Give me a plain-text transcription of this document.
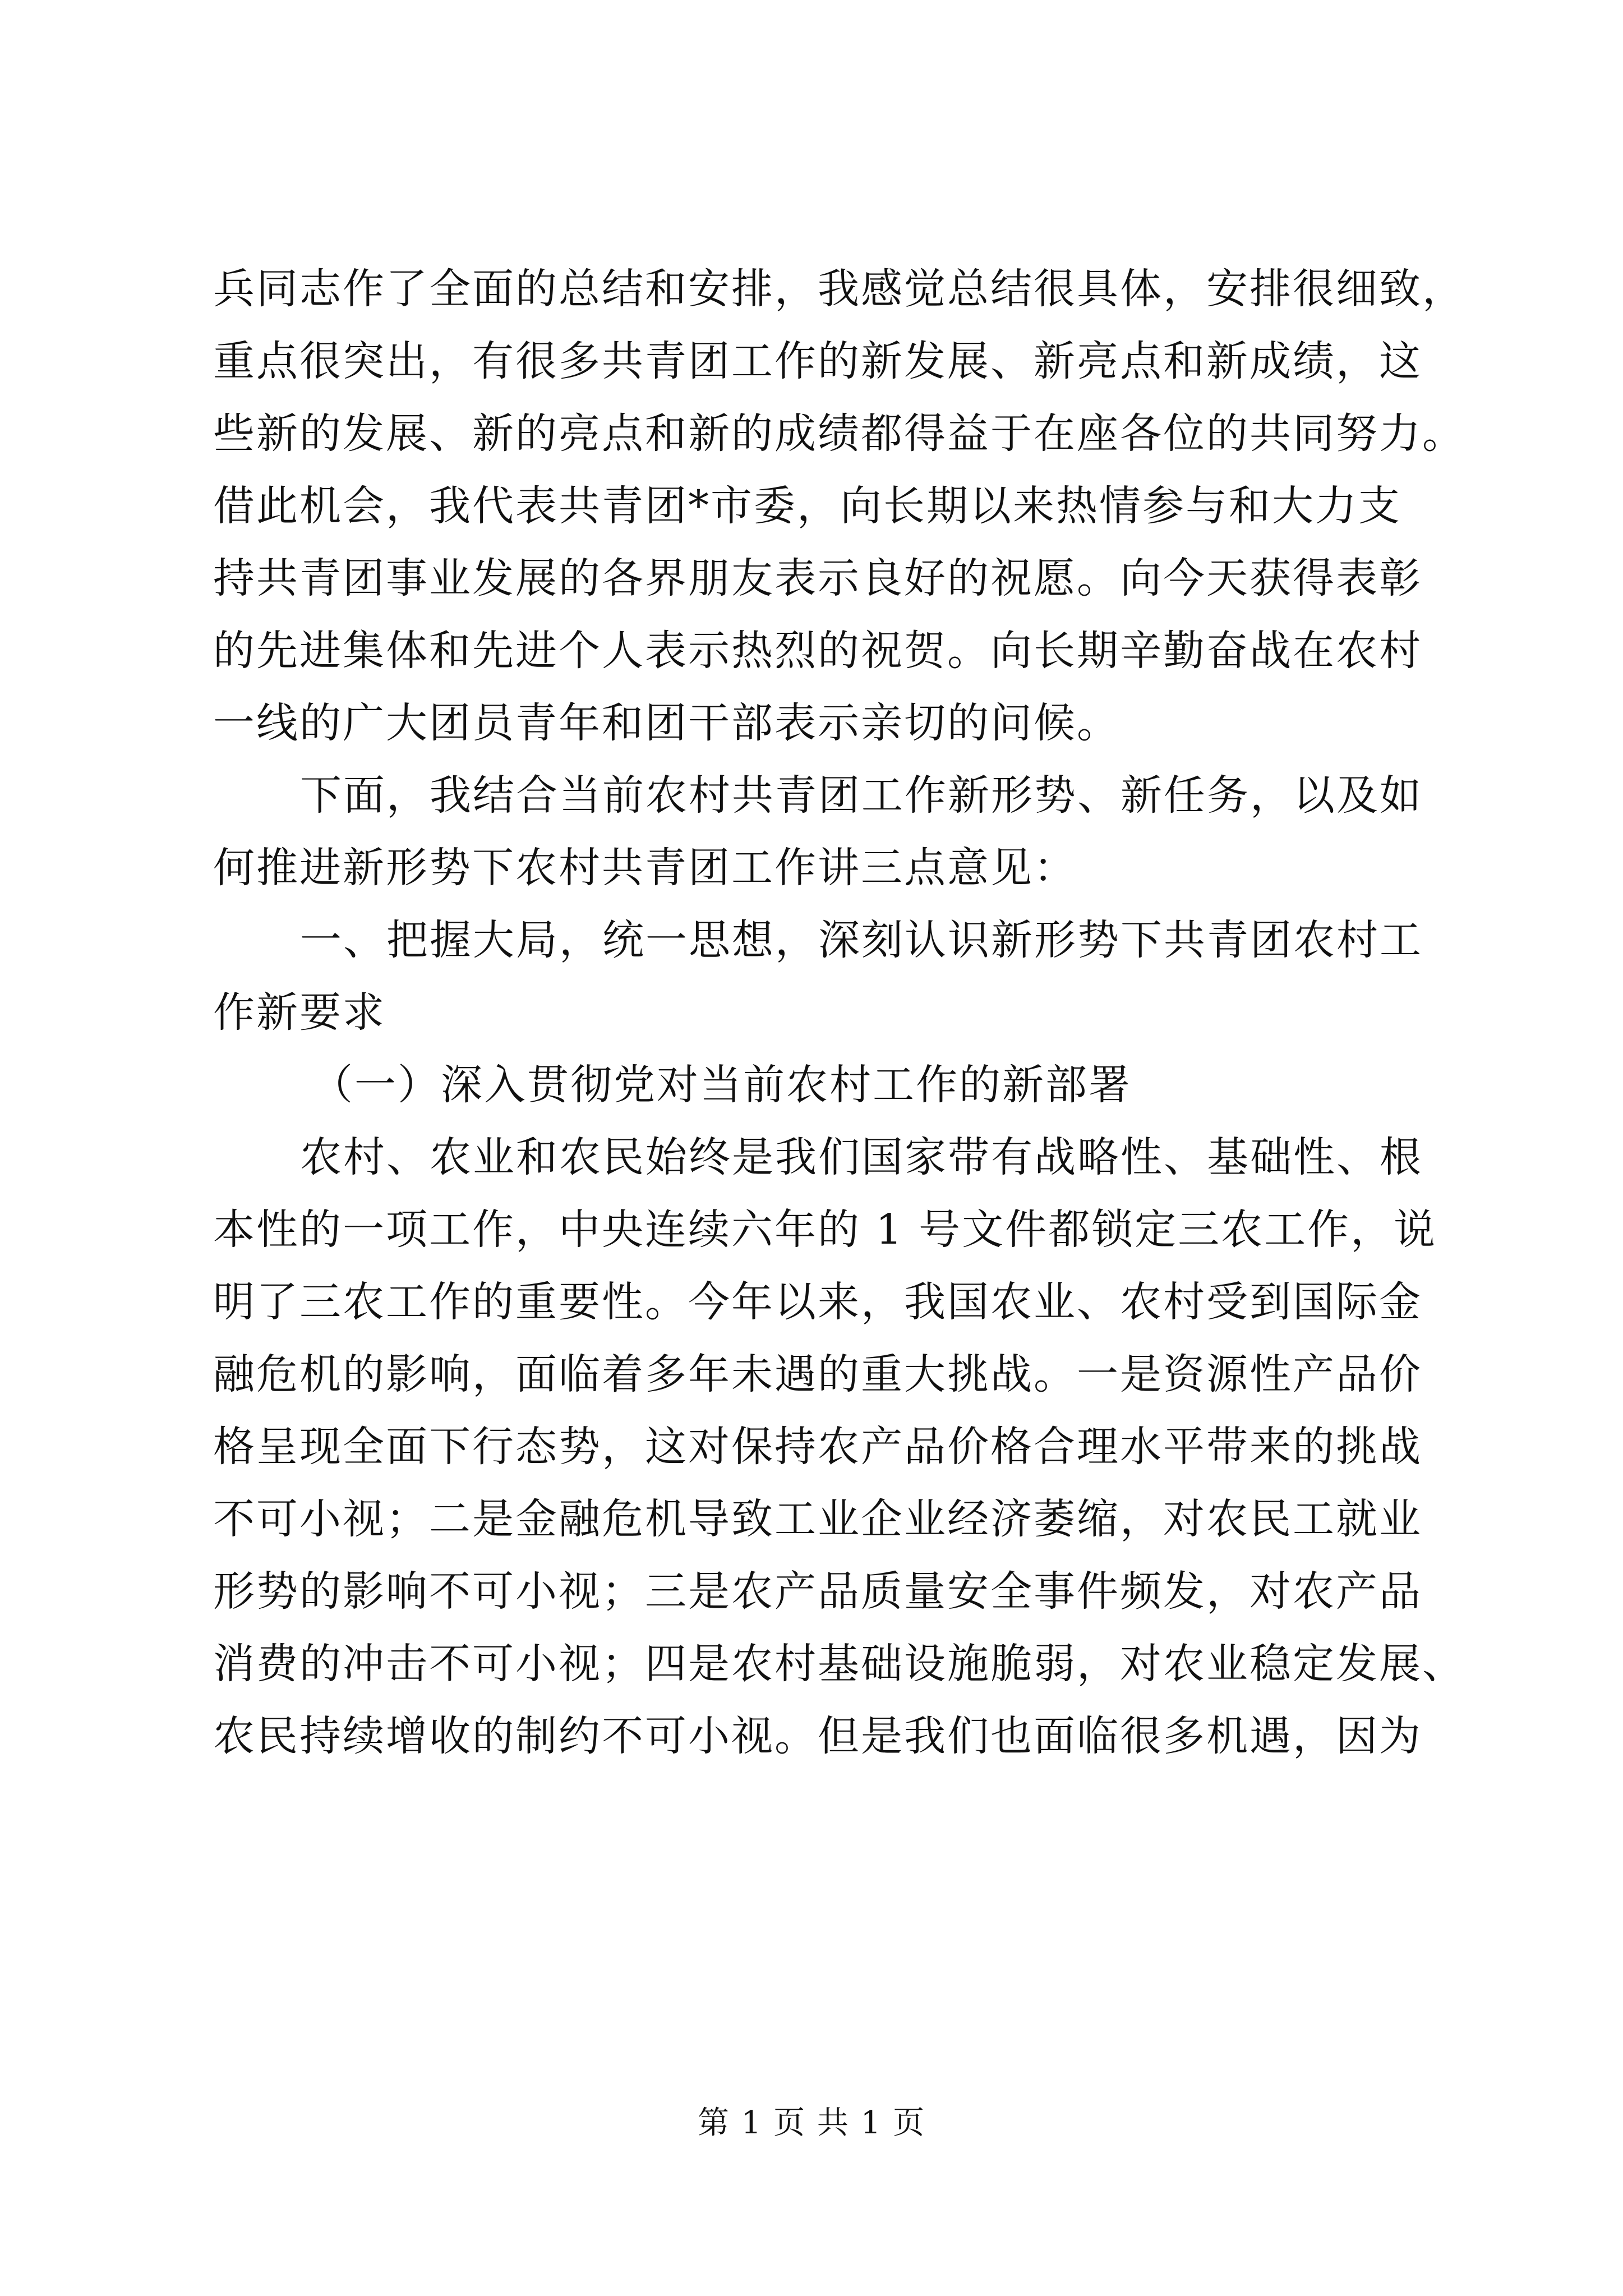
兵同志作了全面的总结和安排，我感觉总结很具体，安排很细致，
重点很突出，有很多共青团工作的新发展、新亮点和新成绩，这
些新的发展、新的亮点和新的成绩都得益于在座各位的共同努力。
借此机会，我代表共青团*市委，向长期以来热情参与和大力支
持共青团事业发展的各界朋友表示良好的祝愿。向今天获得表彰
的先进集体和先进个人表示热烈的祝贺。向长期辛勤奋战在农村
一线的广大团员青年和团干部表示亲切的问候。
下面，我结合当前农村共青团工作新形势、新任务，以及如
何推进新形势下农村共青团工作讲三点意见：
一、把握大局，统一思想，深刻认识新形势下共青团农村工
作新要求
（一）深入贯彻党对当前农村工作的新部署
农村、农业和农民始终是我们国家带有战略性、基础性、根
本性的一项工作，中央连续六年的 1 号文件都锁定三农工作，说
明了三农工作的重要性。今年以来，我国农业、农村受到国际金
融危机的影响，面临着多年未遇的重大挑战。一是资源性产品价
格呈现全面下行态势，这对保持农产品价格合理水平带来的挑战
不可小视；二是金融危机导致工业企业经济萎缩，对农民工就业
形势的影响不可小视；三是农产品质量安全事件频发，对农产品
消费的冲击不可小视；四是农村基础设施脆弱，对农业稳定发展、
农民持续增收的制约不可小视。但是我们也面临很多机遇，因为
第 1 页 共 1 页
